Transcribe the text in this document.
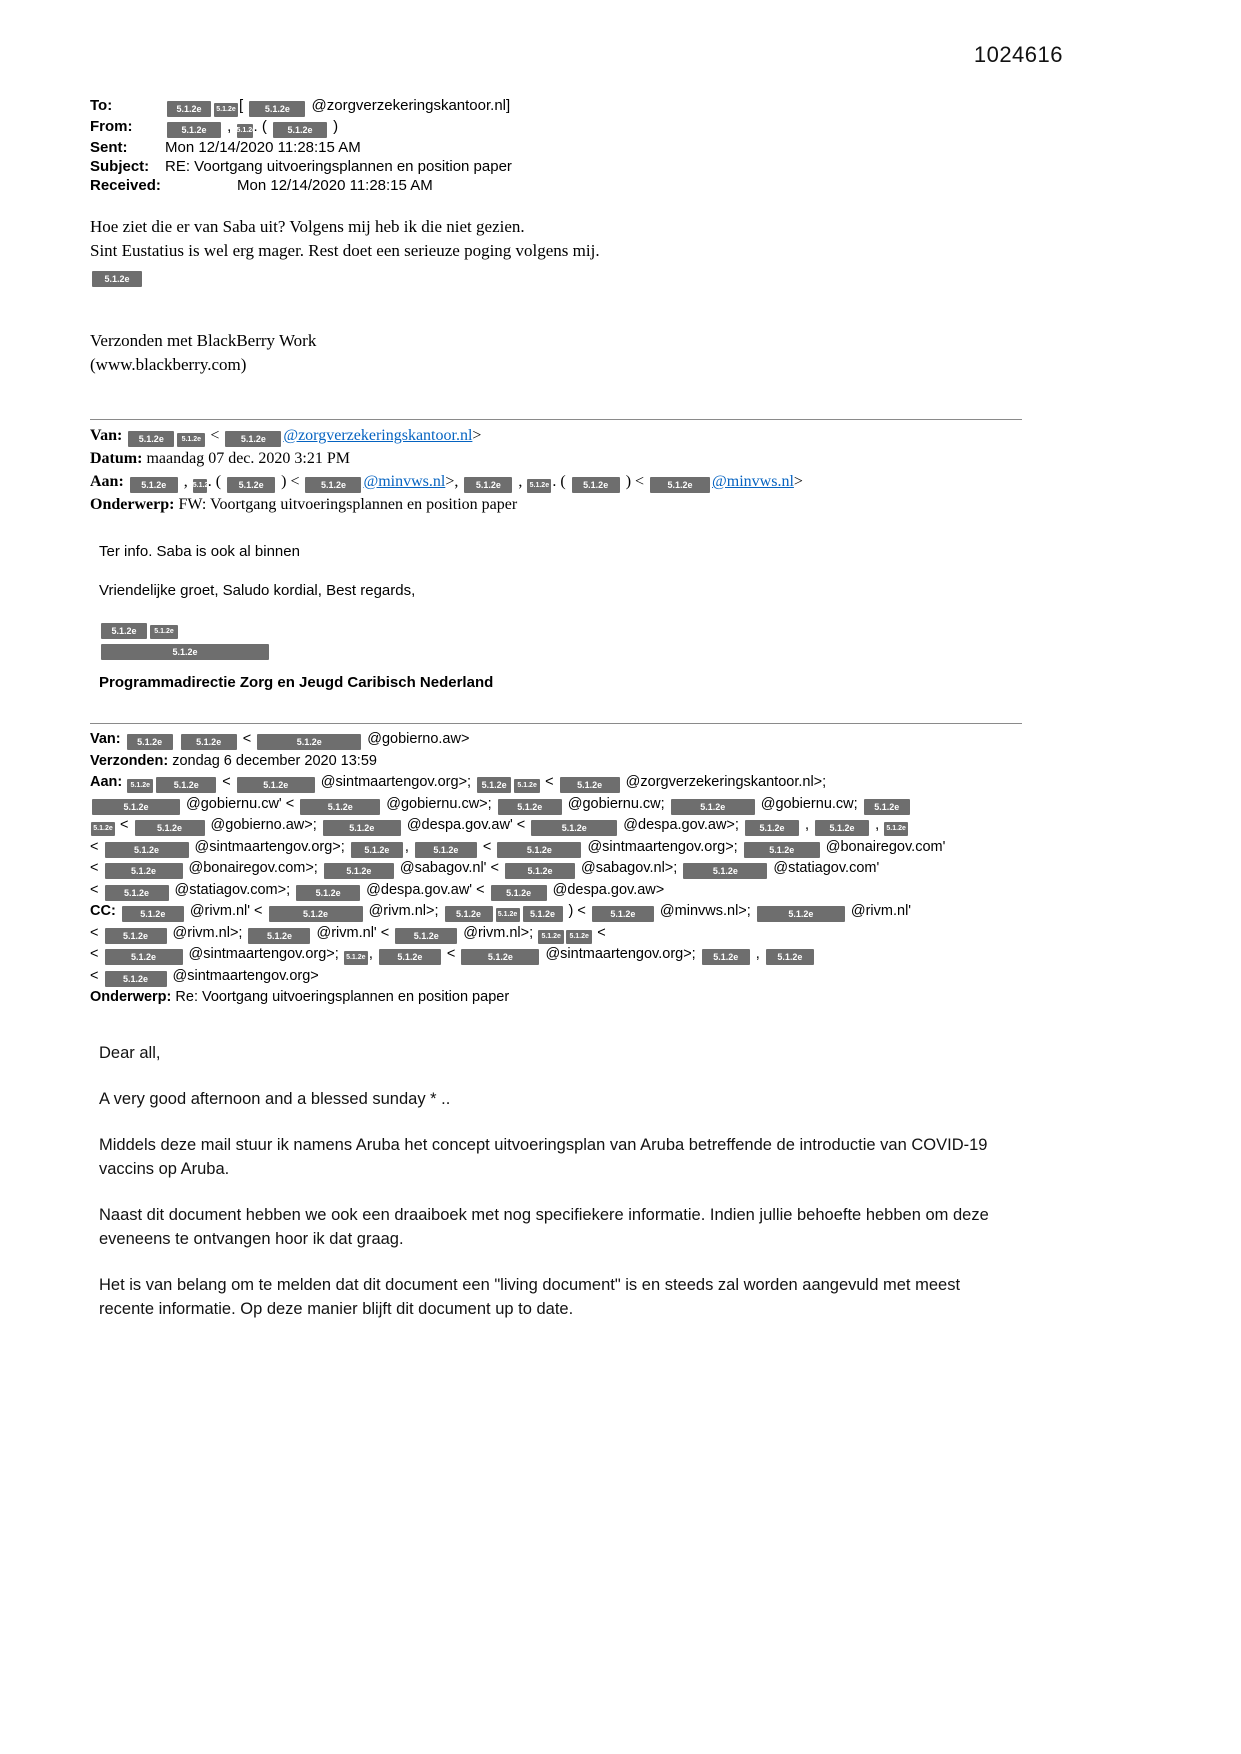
1024616
To:	5.1.2e 5.1.2e [ 5.1.2e @zorgverzekeringskantoor.nl]
From:	5.1.2e , 5.1.2e. ( 5.1.2e )
Sent:	Mon 12/14/2020 11:28:15 AM
Subject: RE: Voortgang uitvoeringsplannen en position paper
Received:	Mon 12/14/2020 11:28:15 AM
Hoe ziet die er van Saba uit? Volgens mij heb ik die niet gezien.
Sint Eustatius is wel erg mager. Rest doet een serieuze poging volgens mij.
5.1.2e
Verzonden met BlackBerry Work
(www.blackberry.com)
Van: 5.1.2e	5.1.2e < 5.1.2e @zorgverzekeringskantoor.nl>
Datum: maandag 07 dec. 2020 3:21 PM
Aan: 5.1.2e , 5.1.2e. ( 5.1.2e ) < 5.1.2e @minvws.nl>, 5.1.2e , 5.1.2e . ( 5.1.2e ) < 5.1.2e @minvws.nl>
Onderwerp: FW: Voortgang uitvoeringsplannen en position paper
Ter info. Saba is ook al binnen
Vriendelijke groet, Saludo kordial, Best regards,
5.1.2e	5.1.2e
5.1.2e
Programmadirectie Zorg en Jeugd Caribisch Nederland
Van: 5.1.2e	5.1.2e <	5.1.2e	@gobierno.aw>
Verzonden: zondag 6 december 2020 13:59
Aan: 5.1.2e	5.1.2e <	5.1.2e @sintmaartengov.org>; 5.1.2e 5.1.2e < 5.1.2e @zorgverzekeringskantoor.nl>;
5.1.2e @gobiernu.cw' <	5.1.2e @gobiernu.cw>; 5.1.2e @gobiernu.cw;	5.1.2e @gobiernu.cw; 5.1.2e
5.1.2e <	5.1.2e @gobierno.aw>;	5.1.2e @despa.gov.aw' <	5.1.2e @despa.gov.aw>; 5.1.2e , 5.1.2e , 5.1.2e
<	5.1.2e @sintmaartengov.org>; 5.1.2e , 5.1.2e <	5.1.2e @sintmaartengov.org>;	5.1.2e @bonairegov.com'
<	5.1.2e @bonairegov.com>;	5.1.2e @sabagov.nl' <	5.1.2e @sabagov.nl>;	5.1.2e @statiagov.com'
< 5.1.2e @statiagov.com>; 5.1.2e @despa.gov.aw' < 5.1.2e @despa.gov.aw>
CC: 5.1.2e @rivm.nl' <	5.1.2e	@rivm.nl>; 5.1.2e 5.1.2e 5.1.2e ) < 5.1.2e @minvws.nl>;	5.1.2e @rivm.nl'
< 5.1.2e @rivm.nl>; 5.1.2e @rivm.nl' < 5.1.2e @rivm.nl>; 5.1.2e 5.1.2e <
<	5.1.2e @sintmaartengov.org>; 5.1.2e , 5.1.2e <	5.1.2e @sintmaartengov.org>; 5.1.2e , 5.1.2e
< 5.1.2e @sintmaartengov.org>
Onderwerp: Re: Voortgang uitvoeringsplannen en position paper
Dear all,
A very good afternoon and a blessed sunday * ..
Middels deze mail stuur ik namens Aruba het concept uitvoeringsplan van Aruba betreffende de introductie van COVID-19 vaccins op Aruba.
Naast dit document hebben we ook een draaiboek met nog specifiekere informatie. Indien jullie behoefte hebben om deze eveneens te ontvangen hoor ik dat graag.
Het is van belang om te melden dat dit document een "living document" is en steeds zal worden aangevuld met meest recente informatie. Op deze manier blijft dit document up to date.
